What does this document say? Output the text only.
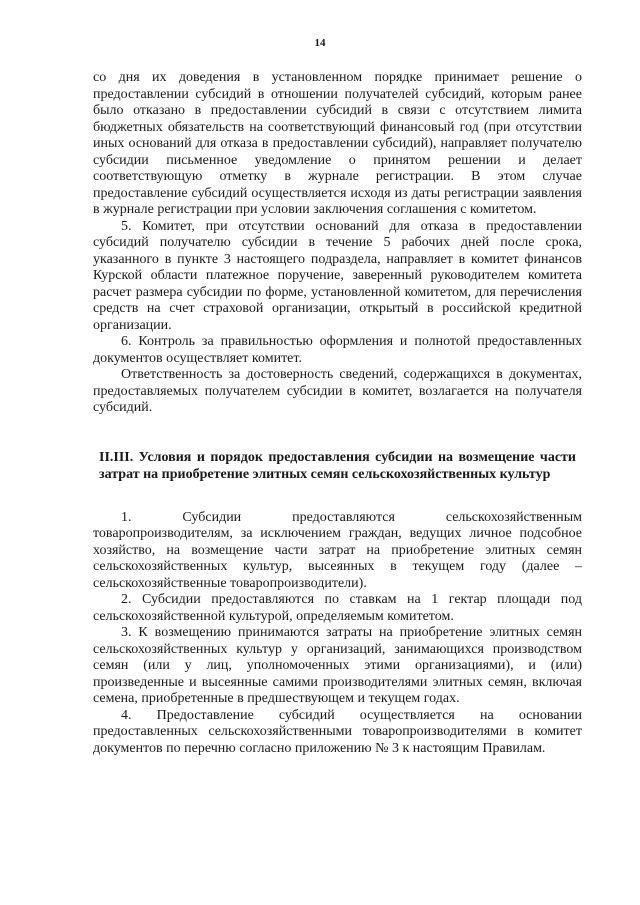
14

со дня их доведения в установленном порядке принимает решение о предоставлении субсидий в отношении получателей субсидий, которым ранее было отказано в предоставлении субсидий в связи с отсутствием лимита бюджетных обязательств на соответствующий финансовый год (при отсутствии иных оснований для отказа в предоставлении субсидий), направляет получателю субсидии письменное уведомление о принятом решении и делает соответствующую отметку в журнале регистрации. В этом случае предоставление субсидий осуществляется исходя из даты регистрации заявления в журнале регистрации при условии заключения соглашения с комитетом.

5. Комитет, при отсутствии оснований для отказа в предоставлении субсидий получателю субсидии в течение 5 рабочих дней после срока, указанного в пункте 3 настоящего подраздела, направляет в комитет финансов Курской области платежное поручение, заверенный руководителем комитета расчет размера субсидии по форме, установленной комитетом, для перечисления средств на счет страховой организации, открытый в российской кредитной организации.

6. Контроль за правильностью оформления и полнотой предоставленных документов осуществляет комитет.

Ответственность за достоверность сведений, содержащихся в документах, предоставляемых получателем субсидии в комитет, возлагается на получателя субсидий.

II.III. Условия и порядок предоставления субсидии на возмещение части затрат на приобретение элитных семян сельскохозяйственных культур

1. Субсидии предоставляются сельскохозяйственным товаропроизводителям, за исключением граждан, ведущих личное подсобное хозяйство, на возмещение части затрат на приобретение элитных семян сельскохозяйственных культур, высеянных в текущем году (далее – сельскохозяйственные товаропроизводители).

2. Субсидии предоставляются по ставкам на 1 гектар площади под сельскохозяйственной культурой, определяемым комитетом.

3. К возмещению принимаются затраты на приобретение элитных семян сельскохозяйственных культур у организаций, занимающихся производством семян (или у лиц, уполномоченных этими организациями), и (или) произведенные и высеянные самими производителями элитных семян, включая семена, приобретенные в предшествующем и текущем годах.

4. Предоставление субсидий осуществляется на основании предоставленных сельскохозяйственными товаропроизводителями в комитет документов по перечню согласно приложению № 3 к настоящим Правилам.
